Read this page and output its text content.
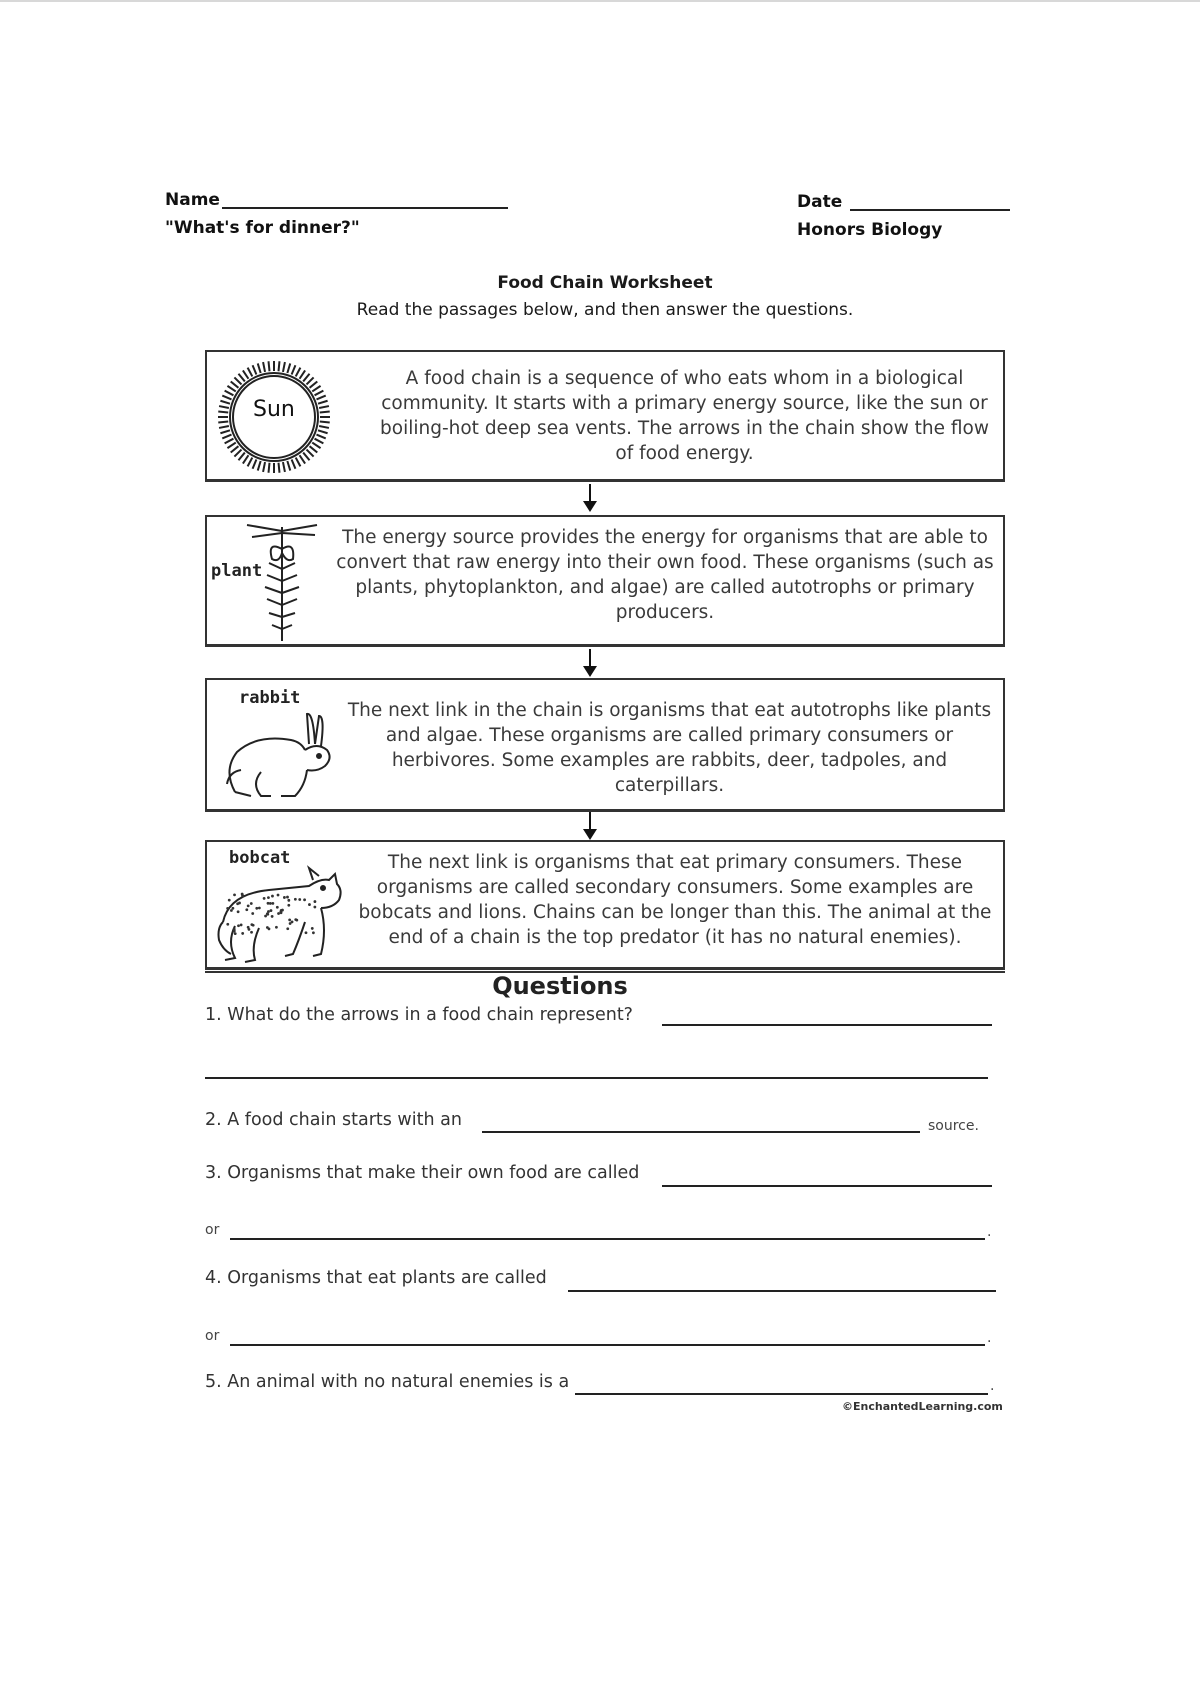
Name
"What's for dinner?"
Date
Honors Biology
Food Chain Worksheet
Read the passages below, and then answer the questions.
Sun
A food chain is a sequence of who eats whom in a biological community. It starts with a primary energy source, like the sun or boiling-hot deep sea vents. The arrows in the chain show the flow of food energy.
plant
The energy source provides the energy for organisms that are able to convert that raw energy into their own food. These organisms (such as plants, phytoplankton, and algae) are called autotrophs or primary producers.
rabbit
The next link in the chain is organisms that eat autotrophs like plants and algae. These organisms are called primary consumers or herbivores. Some examples are rabbits, deer, tadpoles, and caterpillars.
bobcat	The next link is organisms that eat primary consumers. These organisms are called secondary consumers. Some examples are bobcats and lions. Chains can be longer than this. The animal at the end of a chain is the top predator (it has no natural enemies).
Questions
1. What do the arrows in a food chain represent?
2. A food chain starts with an	source.
3. Organisms that make their own food are called
or	.
4. Organisms that eat plants are called
or	.
5. An animal with no natural enemies is a	.
©EnchantedLearning.com
